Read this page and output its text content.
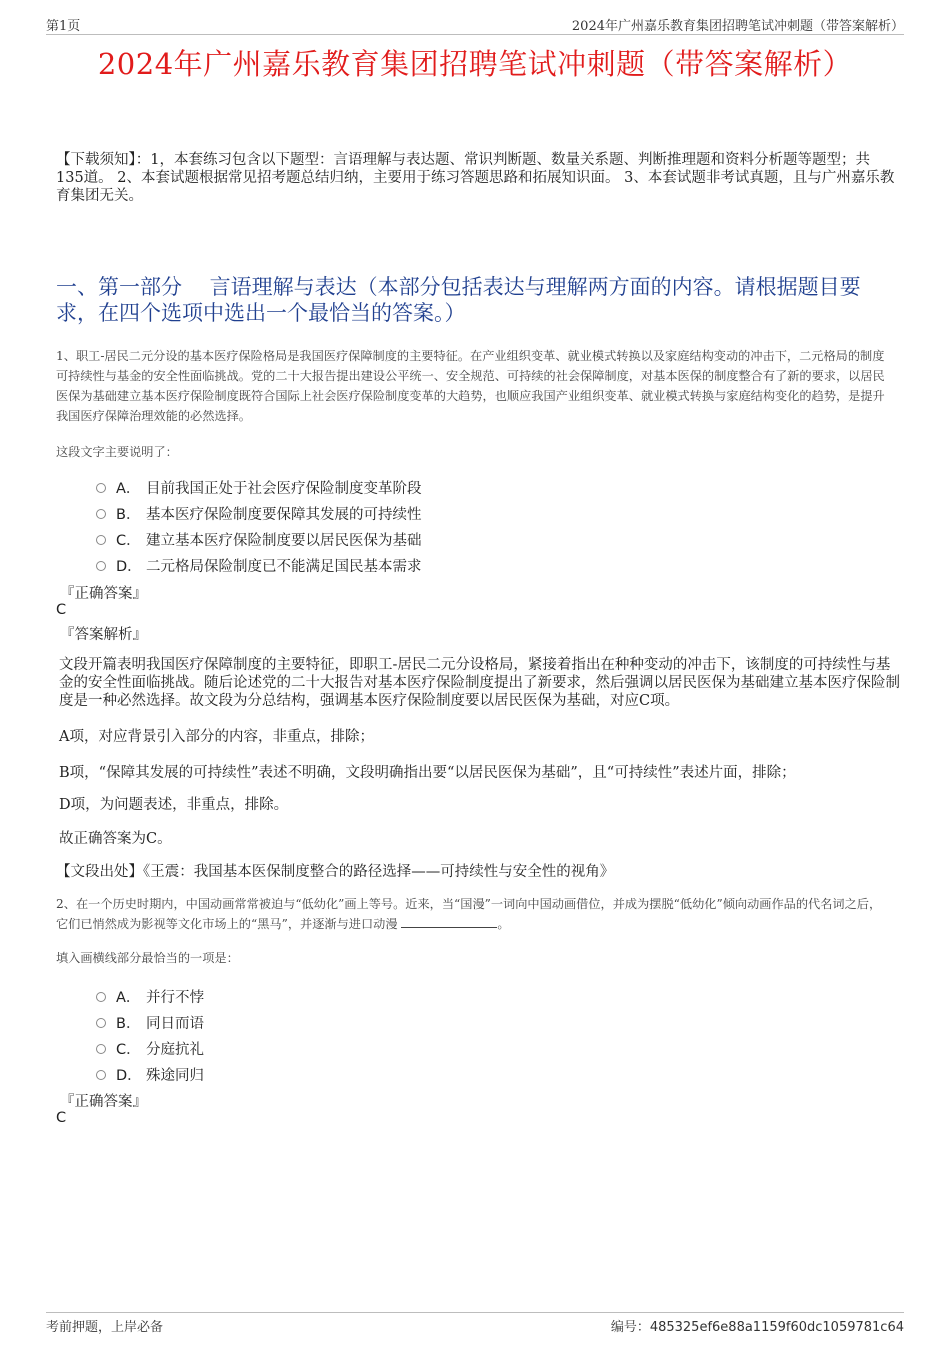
第1页	2024年广州嘉乐教育集团招聘笔试冲刺题（带答案解析）
2024年广州嘉乐教育集团招聘笔试冲刺题（带答案解析）
【下载须知】：1，本套练习包含以下题型：言语理解与表达题、常识判断题、数量关系题、判断推理题和资料分析题等题型；共135道。 2、本套试题根据常见招考题总结归纳，主要用于练习答题思路和拓展知识面。 3、本套试题非考试真题，且与广州嘉乐教育集团无关。
一、第一部分　 言语理解与表达（本部分包括表达与理解两方面的内容。请根据题目要求，在四个选项中选出一个最恰当的答案。）
1、职工-居民二元分设的基本医疗保险格局是我国医疗保障制度的主要特征。在产业组织变革、就业模式转换以及家庭结构变动的冲击下，二元格局的制度可持续性与基金的安全性面临挑战。党的二十大报告提出建设公平统一、安全规范、可持续的社会保障制度，对基本医保的制度整合有了新的要求，以居民医保为基础建立基本医疗保险制度既符合国际上社会医疗保险制度变革的大趋势，也顺应我国产业组织变革、就业模式转换与家庭结构变化的趋势，是提升我国医疗保障治理效能的必然选择。
这段文字主要说明了：
A． 目前我国正处于社会医疗保险制度变革阶段
B． 基本医疗保险制度要保障其发展的可持续性
C． 建立基本医疗保险制度要以居民医保为基础
D． 二元格局保险制度已不能满足国民基本需求
『正确答案』
C
『答案解析』
文段开篇表明我国医疗保障制度的主要特征，即职工-居民二元分设格局，紧接着指出在种种变动的冲击下，该制度的可持续性与基金的安全性面临挑战。随后论述党的二十大报告对基本医疗保险制度提出了新要求，然后强调以居民医保为基础建立基本医疗保险制度是一种必然选择。故文段为分总结构，强调基本医疗保险制度要以居民医保为基础，对应C项。
A项，对应背景引入部分的内容，非重点，排除；
B项，“保障其发展的可持续性”表述不明确，文段明确指出要“以居民医保为基础”，且“可持续性”表述片面，排除；
D项，为问题表述，非重点，排除。
故正确答案为C。
【文段出处】《王震：我国基本医保制度整合的路径选择——可持续性与安全性的视角》
2、在一个历史时期内，中国动画常常被迫与“低幼化”画上等号。近来，当“国漫”一词向中国动画借位，并成为摆脱“低幼化”倾向动画作品的代名词之后，它们已悄然成为影视等文化市场上的“黑马”，并逐渐与进口动漫	。
填入画横线部分最恰当的一项是：
A． 并行不悖
B． 同日而语
C． 分庭抗礼
D． 殊途同归
『正确答案』
C
考前押题，上岸必备	编号：485325ef6e88a1159f60dc1059781c64
